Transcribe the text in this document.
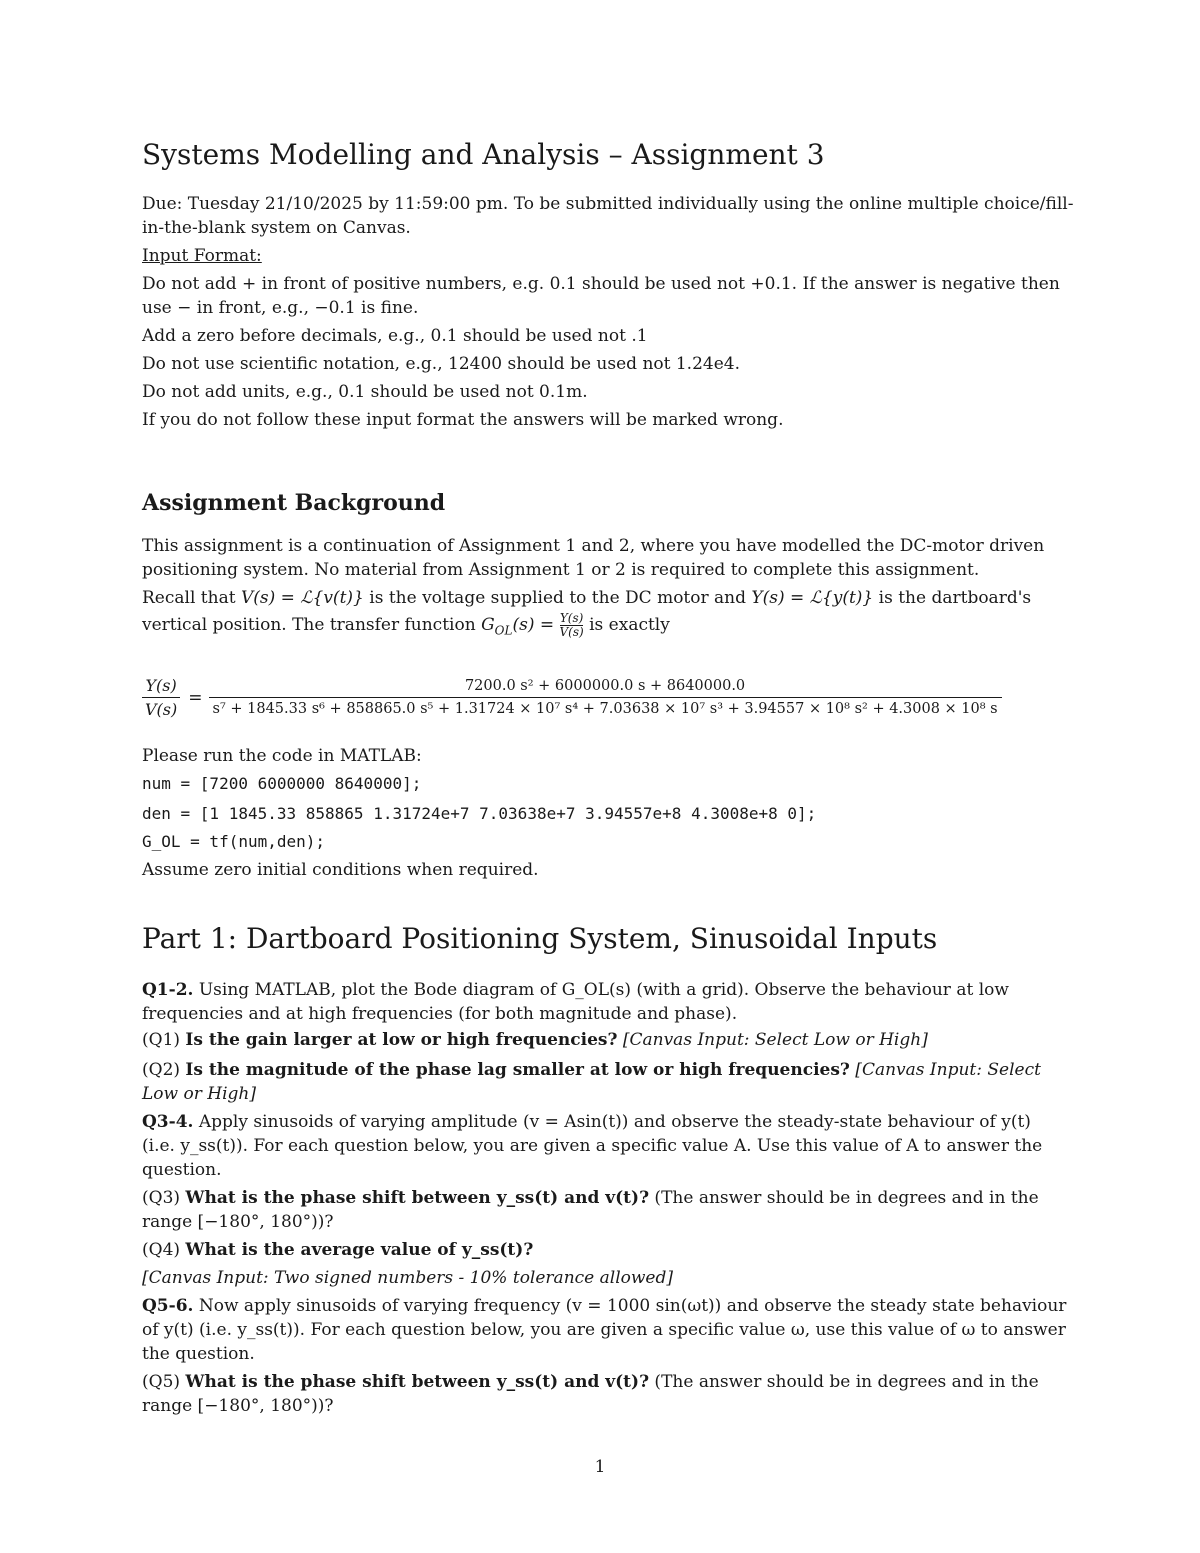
Systems Modelling and Analysis – Assignment 3
Due: Tuesday 21/10/2025 by 11:59:00 pm. To be submitted individually using the online multiple choice/fill-
in-the-blank system on Canvas.
Input Format:
Do not add + in front of positive numbers, e.g. 0.1 should be used not +0.1. If the answer is negative then
use − in front, e.g., −0.1 is fine.
Add a zero before decimals, e.g., 0.1 should be used not .1
Do not use scientific notation, e.g., 12400 should be used not 1.24e4.
Do not add units, e.g., 0.1 should be used not 0.1m.
If you do not follow these input format the answers will be marked wrong.
Assignment Background
This assignment is a continuation of Assignment 1 and 2, where you have modelled the DC-motor driven
positioning system. No material from Assignment 1 or 2 is required to complete this assignment.
Recall that V(s) = ℒ{v(t)} is the voltage supplied to the DC motor and Y(s) = ℒ{y(t)} is the dartboard's
vertical position. The transfer function $G_{OL}(s) = \frac{Y(s)}{V(s)}$ is exactly
$\frac{Y(s)}{V(s)}$ =
7200.0 s² + 6000000.0 s + 8640000.0
s⁷ + 1845.33 s⁶ + 858865.0 s⁵ + 1.31724 × 10⁷ s⁴ + 7.03638 × 10⁷ s³ + 3.94557 × 10⁸ s² + 4.3008 × 10⁸ s
Please run the code in MATLAB:
num = [7200 6000000 8640000];
den = [1 1845.33 858865 1.31724e+7 7.03638e+7 3.94557e+8 4.3008e+8 0];
G_OL = tf(num,den);
Assume zero initial conditions when required.
Part 1: Dartboard Positioning System, Sinusoidal Inputs
Q1-2. Using MATLAB, plot the Bode diagram of G_OL(s) (with a grid). Observe the behaviour at low
frequencies and at high frequencies (for both magnitude and phase).
(Q1) Is the gain larger at low or high frequencies? [Canvas Input: Select Low or High]
(Q2) Is the magnitude of the phase lag smaller at low or high frequencies? [Canvas Input: Select
Low or High]
Q3-4. Apply sinusoids of varying amplitude (v = Asin(t)) and observe the steady-state behaviour of y(t)
(i.e. y_ss(t)). For each question below, you are given a specific value A. Use this value of A to answer the
question.
(Q3) What is the phase shift between y_ss(t) and v(t)? (The answer should be in degrees and in the
range [−180°, 180°))?
(Q4) What is the average value of y_ss(t)?
[Canvas Input: Two signed numbers - 10% tolerance allowed]
Q5-6. Now apply sinusoids of varying frequency (v = 1000 sin(ωt)) and observe the steady state behaviour
of y(t) (i.e. y_ss(t)). For each question below, you are given a specific value ω, use this value of ω to answer
the question.
(Q5) What is the phase shift between y_ss(t) and v(t)? (The answer should be in degrees and in the
range [−180°, 180°))?
1
